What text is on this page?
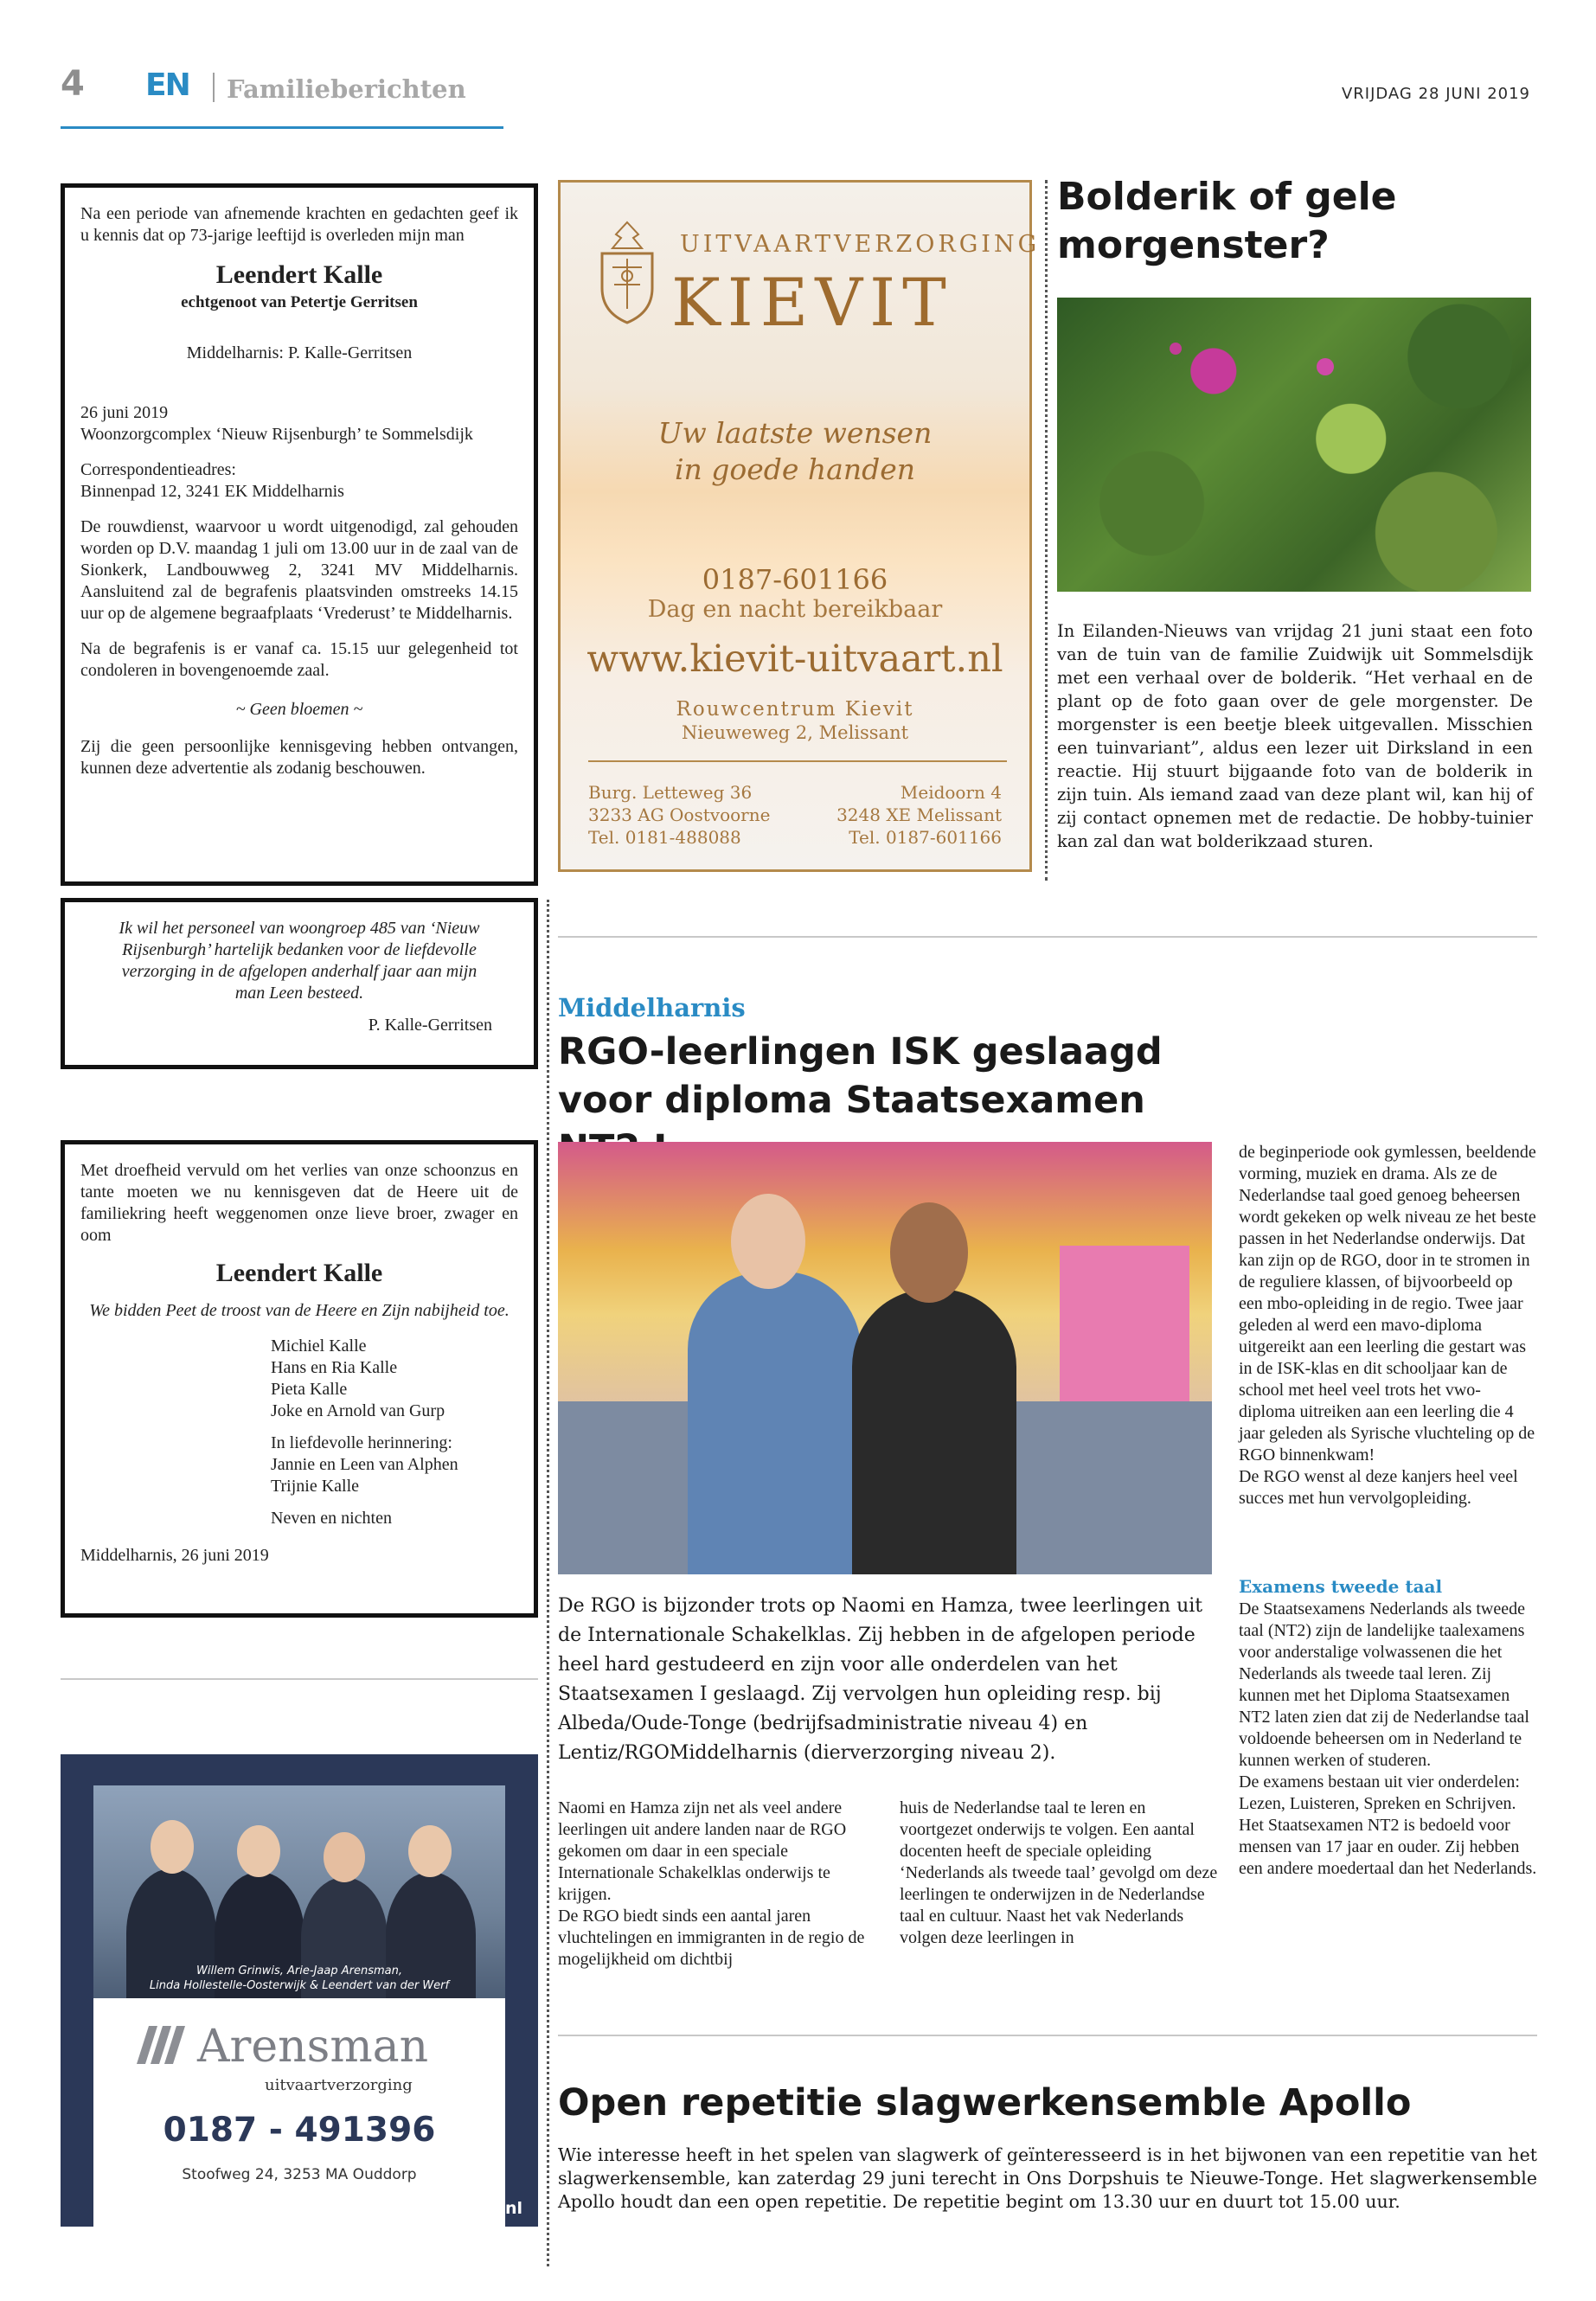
4 EN Familieberichten	VRIJDAG 28 JUNI 2019

Na een periode van afnemende krachten en gedachten geef ik u kennis dat op 73-jarige leeftijd is overleden mijn man

Leendert Kalle

echtgenoot van Petertje Gerritsen

Middelharnis: P. Kalle-Gerritsen

26 juni 2019

Woonzorgcomplex ‘Nieuw Rijsenburgh’ te Sommelsdijk

Correspondentieadres:

Binnenpad 12, 3241 EK Middelharnis

De rouwdienst, waarvoor u wordt uitgenodigd, zal gehouden worden op D.V. maandag 1 juli om 13.00 uur in de zaal van de Sionkerk, Landbouwweg 2, 3241 MV Middelharnis. Aansluitend zal de begrafenis plaatsvinden omstreeks 14.15 uur op de algemene begraafplaats ‘Vrederust’ te Middelharnis.

Na de begrafenis is er vanaf ca. 15.15 uur gelegenheid tot condoleren in bovengenoemde zaal.

~ Geen bloemen ~

Zij die geen persoonlijke kennisgeving hebben ontvangen, kunnen deze advertentie als zodanig beschouwen.

Ik wil het personeel van woongroep 485 van ‘Nieuw Rijsenburgh’ hartelijk bedanken voor de liefdevolle verzorging in de afgelopen anderhalf jaar aan mijn man Leen besteed.

P. Kalle-Gerritsen

Met droefheid vervuld om het verlies van onze schoonzus en tante moeten we nu kennisgeven dat de Heere uit de familiekring heeft weggenomen onze lieve broer, zwager en oom

Leendert Kalle

We bidden Peet de troost van de Heere en Zijn nabijheid toe.

Michiel Kalle

Hans en Ria Kalle

Pieta Kalle

Joke en Arnold van Gurp

In liefdevolle herinnering:

Jannie en Leen van Alphen

Trijnie Kalle

Neven en nichten

Middelharnis, 26 juni 2019

Willem Grinwis, Arie-Jaap Arensman,
Linda Hollestelle-Oosterwijk & Leendert van der Werf
Arensman
uitvaartverzorging
0187 - 491396
Stoofweg 24, 3253 MA Ouddorp
www.arensmanuitvaart.nl
UITVAARTVERZORGING
KIEVIT
Uw laatste wensen
in goede handen
0187-601166
Dag en nacht bereikbaar
www.kievit-uitvaart.nl
Rouwcentrum Kievit
Nieuweweg 2, Melissant
Burg. Letteweg 36
3233 AG Oostvoorne
Tel. 0181-488088
Meidoorn 4
3248 XE Melissant
Tel. 0187-601166
Bolderik of gele morgenster?
In Eilanden-Nieuws van vrijdag 21 juni staat een foto van de tuin van de familie Zuidwijk uit Sommelsdijk met een verhaal over de bolderik. “Het verhaal en de plant op de foto gaan over de gele morgenster. De morgenster is een beetje bleek uitgevallen. Misschien een tuinvariant”, aldus een lezer uit Dirksland in een reactie. Hij stuurt bijgaande foto van de bolderik in zijn tuin. Als iemand zaad van deze plant wil, kan hij of zij contact opnemen met de redactie. De hobby-tuinier kan zal dan wat bolderikzaad sturen.
Middelharnis
RGO-leerlingen ISK geslaagd voor diploma Staatsexamen
De RGO is bijzonder trots op Naomi en Hamza, twee leerlingen uit de Internationale Schakelklas. Zij hebben in de afgelopen periode heel hard gestudeerd en zijn voor alle onderdelen van het Staatsexamen I geslaagd. Zij vervolgen hun opleiding resp. bij Albeda/Oude-Tonge (bedrijfsadministratie niveau 4) en Lentiz/RGOMiddelharnis (dierverzorging niveau 2).
Naomi en Hamza zijn net als veel andere leerlingen uit andere landen naar de RGO gekomen om daar in een speciale Internationale Schakelklas onderwijs te krijgen.
De RGO biedt sinds een aantal jaren vluchtelingen en immigranten in de regio de mogelijkheid om dichtbij
huis de Nederlandse taal te leren en voortgezet onderwijs te volgen. Een aantal docenten heeft de speciale opleiding ‘Nederlands als tweede taal’ gevolgd om deze leerlingen te onderwijzen in de Nederlandse taal en cultuur. Naast het vak Nederlands volgen deze leerlingen in
de beginperiode ook gymlessen, beeldende vorming, muziek en drama. Als ze de Nederlandse taal goed genoeg beheersen wordt gekeken op welk niveau ze het beste passen in het Nederlandse onderwijs. Dat kan zijn op de RGO, door in te stromen in de reguliere klassen, of bijvoorbeeld op een mbo-opleiding in de regio. Twee jaar geleden al werd een mavo-diploma uitgereikt aan een leerling die gestart was in de ISK-klas en dit schooljaar kan de school met heel veel trots het vwo-diploma uitreiken aan een leerling die 4 jaar geleden als Syrische vluchteling op de RGO binnenkwam!
De RGO wenst al deze kanjers heel veel succes met hun vervolgopleiding.
Examens tweede taal
De Staatsexamens Nederlands als tweede taal (NT2) zijn de landelijke taalexamens voor anderstalige volwassenen die het Nederlands als tweede taal leren. Zij kunnen met het Diploma Staatsexamen NT2 laten zien dat zij de Nederlandse taal voldoende beheersen om in Nederland te kunnen werken of studeren.
De examens bestaan uit vier onderdelen: Lezen, Luisteren, Spreken en Schrijven. Het Staatsexamen NT2 is bedoeld voor mensen van 17 jaar en ouder. Zij hebben een andere moedertaal dan het Nederlands.
Open repetitie slagwerkensemble Apollo
Wie interesse heeft in het spelen van slagwerk of geïnteresseerd is in het bijwonen van een repetitie van het slagwerkensemble, kan zaterdag 29 juni terecht in Ons Dorpshuis te Nieuwe-Tonge. Het slagwerkensemble Apollo houdt dan een open repetitie. De repetitie begint om 13.30 uur en duurt tot 15.00 uur.
